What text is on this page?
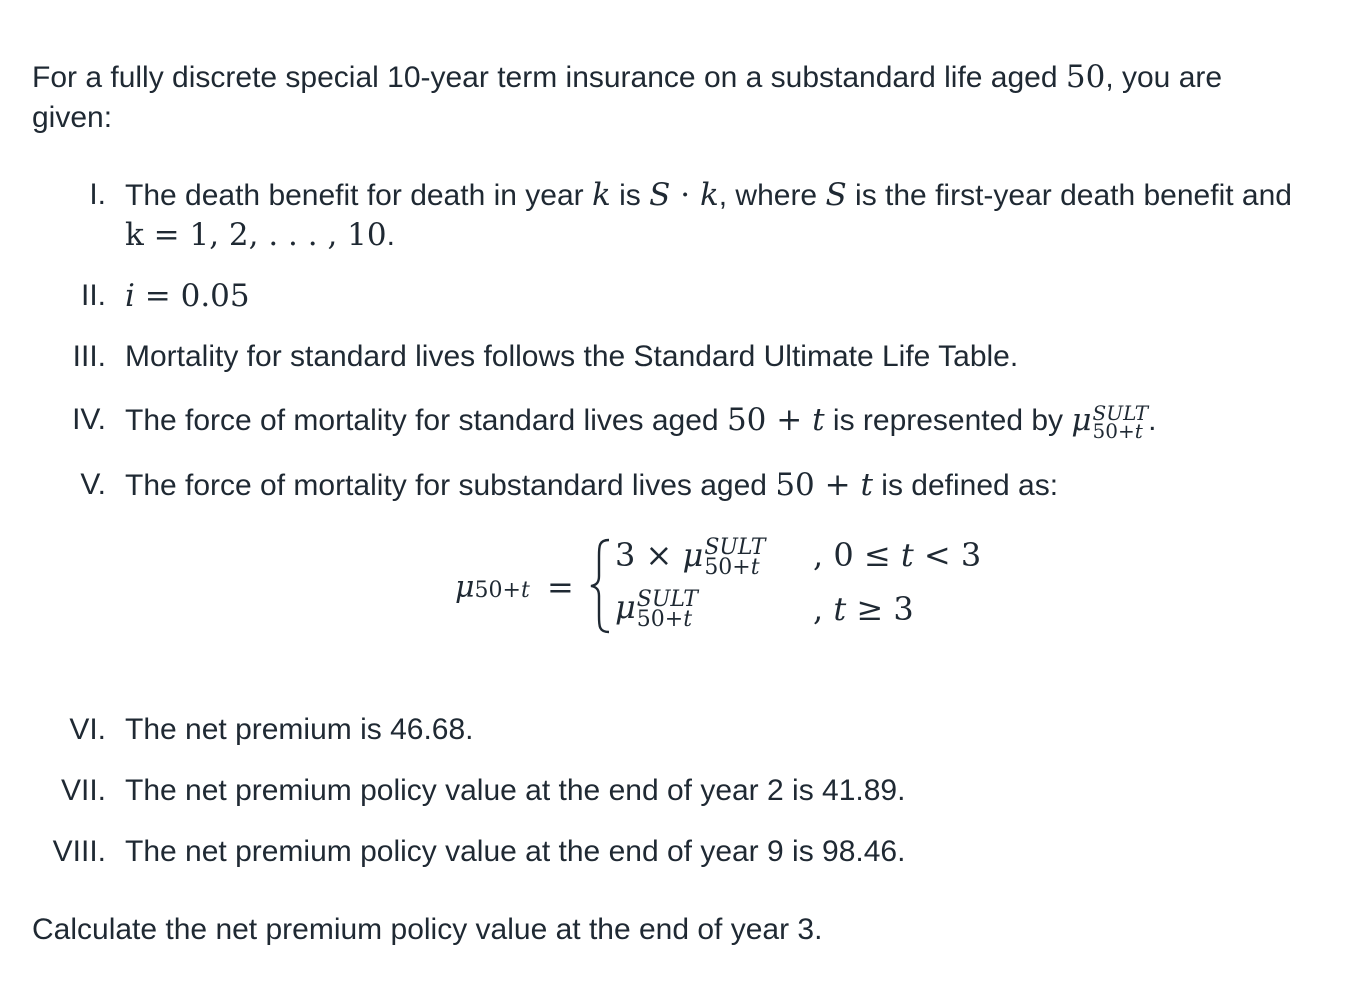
For a fully discrete special 10-year term insurance on a substandard life aged 50, you are
given:

I. The death benefit for death in year k is S · k, where S is the first-year death benefit and
k = 1, 2, . . . , 10.
II. i = 0.05
III. Mortality for standard lives follows the Standard Ultimate Life Table.
IV. The force of mortality for standard lives aged 50 + t is represented by μ SULT
50+t .
V. The force of mortality for substandard lives aged 50 + t is defined as:
μ50+t =
3 × μ SULT
50+t , 0 ≤ t < 3
μ SULT
50+t	, t ≥ 3
VI. The net premium is 46.68.
VII. The net premium policy value at the end of year 2 is 41.89.
VIII. The net premium policy value at the end of year 9 is 98.46.

Calculate the net premium policy value at the end of year 3.
